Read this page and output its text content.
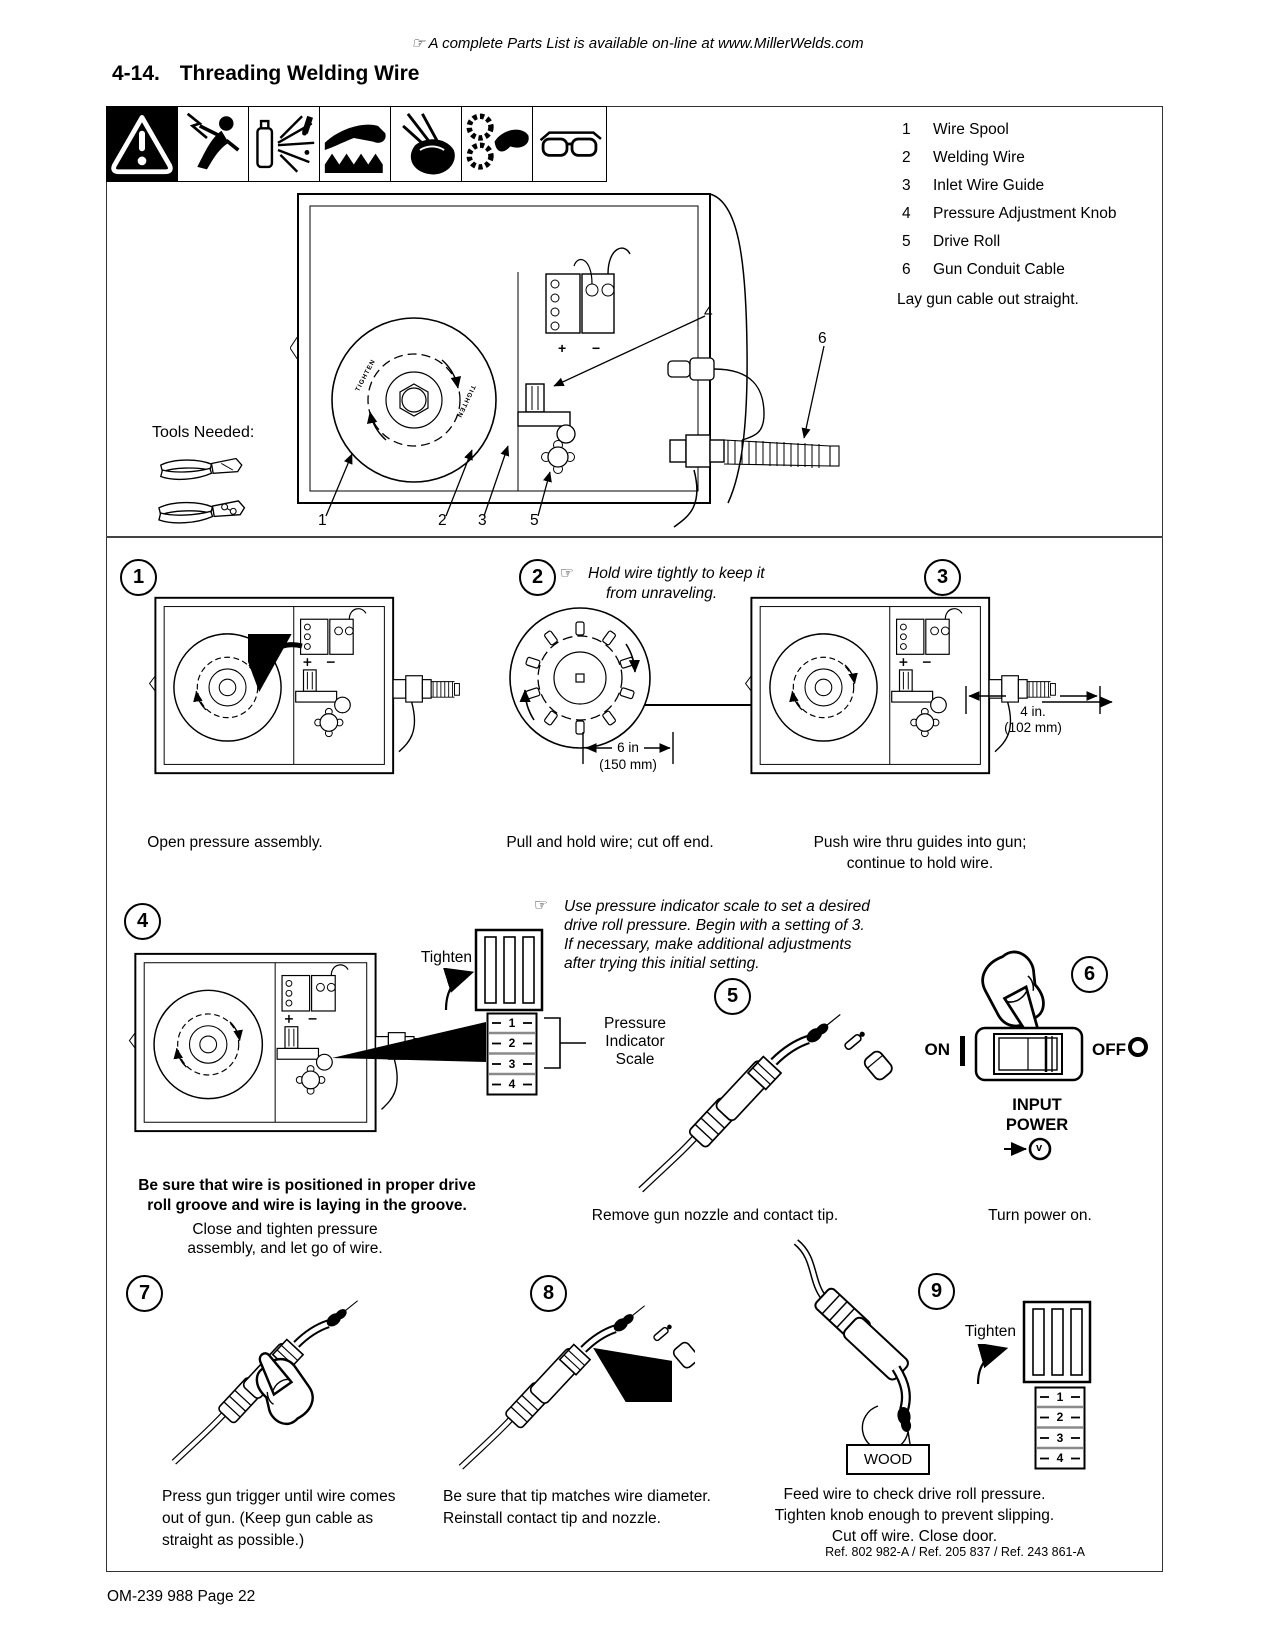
☞ A complete Parts List is available on-line at www.MillerWelds.com
4-14. Threading Welding Wire
1 Wire Spool
2 Welding Wire
3 Inlet Wire Guide
4 Pressure Adjustment Knob
5 Drive Roll
6 Gun Conduit Cable
Lay gun cable out straight.
TIGHTEN
TIGHTEN
+ −
4
6
1	2 3	5
Tools Needed:
1	2	3
☞ Hold wire tightly to keep it
from unraveling.
6 in
(150 mm)
4 in.
(102 mm)
Open pressure assembly.	Pull and hold wire; cut off end.	Push wire thru guides into gun;
continue to hold wire.
☞ Use pressure indicator scale to set a desired
drive roll pressure. Begin with a setting of 3.
If necessary, make additional adjustments
after trying this initial setting.
4
Tighten
1
2
3
4
Pressure
Indicator
Scale
Be sure that wire is positioned in proper drive
roll groove and wire is laying in the groove.
Close and tighten pressure
assembly, and let go of wire.
5
Remove gun nozzle and contact tip.
6
ON	OFF
INPUT
POWER
v
Turn power on.
7
Press gun trigger until wire comes
out of gun. (Keep gun cable as
straight as possible.)
8
Be sure that tip matches wire diameter.
Reinstall contact tip and nozzle.
9
WOOD
Tighten
1
2
3
4
Feed wire to check drive roll pressure.
Tighten knob enough to prevent slipping.
Cut off wire. Close door.
Ref. 802 982-A / Ref. 205 837 / Ref. 243 861-A
OM-239 988 Page 22
